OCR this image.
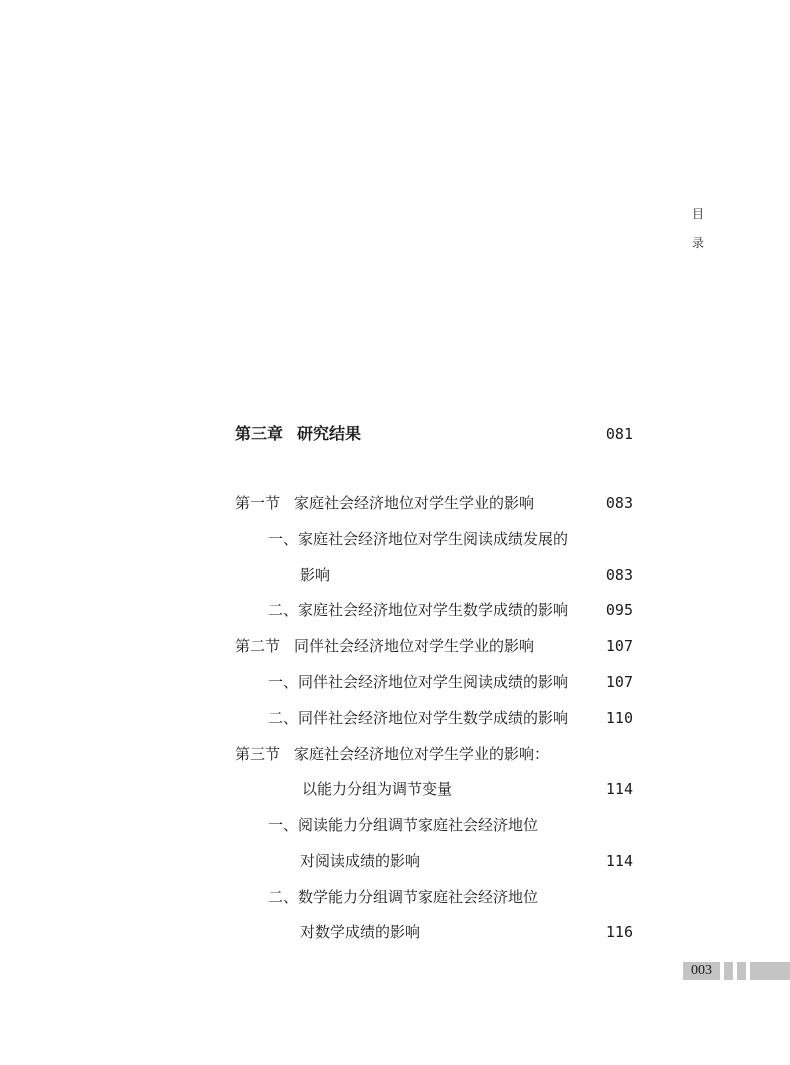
目
录
第三章 研究结果	081
第一节 家庭社会经济地位对学生学业的影响	083
一、家庭社会经济地位对学生阅读成绩发展的
影响	083
二、家庭社会经济地位对学生数学成绩的影响	095
第二节 同伴社会经济地位对学生学业的影响	107
一、同伴社会经济地位对学生阅读成绩的影响	107
二、同伴社会经济地位对学生数学成绩的影响	110
第三节 家庭社会经济地位对学生学业的影响：
以能力分组为调节变量	114
一、阅读能力分组调节家庭社会经济地位
对阅读成绩的影响	114
二、数学能力分组调节家庭社会经济地位
对数学成绩的影响	116
003
